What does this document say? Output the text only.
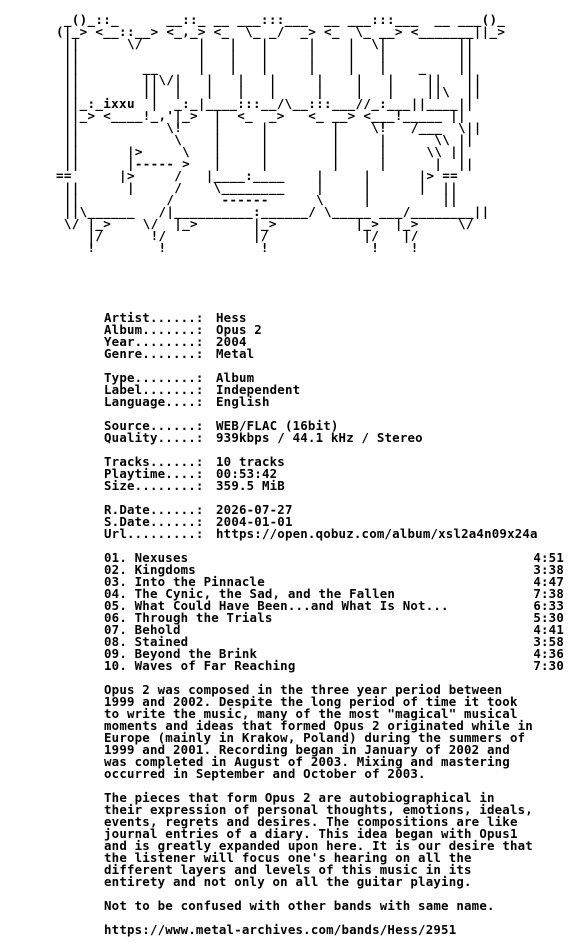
_()_::_      __::_ __ ___:::___  __ ___:::___  __ ___()_
(|_> <__::__> <_,_> <_  \_ _/  _> <_  \_ __> <_______||_>
||      \/       |   |   |     |    |  \|         ||
||               |   |   |     |    |   |         ||
||        __     |   |   |     |    |   |    _    ||
||        ||\/|   |   |   |     |    |   |    ||   ||
||        ||  |   |   |   |     |    |   |    ||\  ||
||_:_ixxu  |  _:_|____:::__/\__:::___//_:___||____||
||_> <____!_,'|_>  |  <_  _>   <_ __> <___!_____ ||
||           \!    |     |        |    \!   /___  \||
||            \    |     |        |     |      \\ ||
||      |>     \   |     |        |     |     \\ ||
||      |----- >   |     |        |     |      |  ||
==      |>     /   |____:____    |     |      |> ==
||      |     /    \________    |     |      |  ||
||           /      ------      \     |         ||
||\______   /|__________:______/ \_____ ___/________||
\/ |_>    \/  |_>       |_>          |_>  |_>     \/
|/      !/           |/            |/   |/
!        !            !             !    !
Artist......:	Hess
Album.......:	Opus 2
Year........:	2004
Genre.......:	Metal
Type........:	Album
Label.......:	Independent
Language....:	English
Source......:	WEB/FLAC (16bit)
Quality.....:	939kbps / 44.1 kHz / Stereo
Tracks......:	10 tracks
Playtime....:	00:53:42
Size........:	359.5 MiB
R.Date......:	2026-07-27
S.Date......:	2004-01-01
Url.........:	https://open.qobuz.com/album/xsl2a4n09x24a
01. Nexuses	4:51
02. Kingdoms	3:38
03. Into the Pinnacle	4:47
04. The Cynic, the Sad, and the Fallen	7:38
05. What Could Have Been...and What Is Not...	6:33
06. Through the Trials	5:30
07. Behold	4:41
08. Stained	3:58
09. Beyond the Brink	4:36
10. Waves of Far Reaching	7:30
Opus 2 was composed in the three year period between
1999 and 2002. Despite the long period of time it took
to write the music, many of the most "magical" musical
moments and ideas that formed Opus 2 originated while in
Europe (mainly in Krakow, Poland) during the summers of
1999 and 2001. Recording began in January of 2002 and
was completed in August of 2003. Mixing and mastering
occurred in September and October of 2003.
The pieces that form Opus 2 are autobiographical in
their expression of personal thoughts, emotions, ideals,
events, regrets and desires. The compositions are like
journal entries of a diary. This idea began with Opus1
and is greatly expanded upon here. It is our desire that
the listener will focus one's hearing on all the
different layers and levels of this music in its
entirety and not only on all the guitar playing.
Not to be confused with other bands with same name.
https://www.metal-archives.com/bands/Hess/2951
